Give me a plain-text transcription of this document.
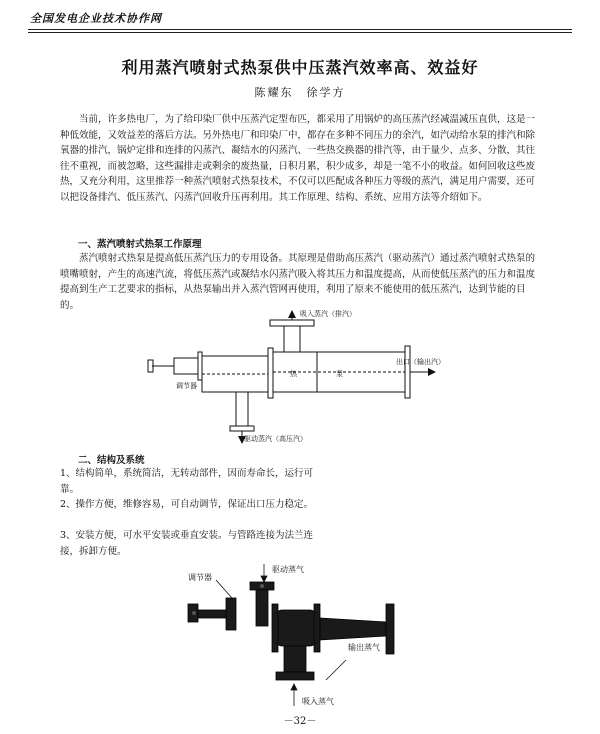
全国发电企业技术协作网
利用蒸汽喷射式热泵供中压蒸汽效率高、效益好
陈耀东　徐学方

当前，许多热电厂，为了给印染厂供中压蒸汽定型布匹，都采用了用锅炉的高压蒸汽经减温减压直供，这是一种低效能，又效益差的落后方法。另外热电厂和印染厂中，都存在多种不同压力的余汽，如汽动给水泵的排汽和除氧器的排汽，锅炉定排和连排的闪蒸汽、凝结水的闪蒸汽、一些热交换器的排汽等，由于量少、点多、分散，其往往不重视，而被忽略，这些漏排走或剩余的废热量，日积月累，积少成多，却是一笔不小的收益。如何回收这些废热，又充分利用，这里推荐一种蒸汽喷射式热泵技术，不仅可以匹配成各种压力等级的蒸汽，满足用户需要，还可以把设备排汽、低压蒸汽、闪蒸汽回收升压再利用。其工作原理、结构、系统、应用方法等介绍如下。

一、蒸汽喷射式热泵工作原理

蒸汽喷射式热泵是提高低压蒸汽压力的专用设备。其原理是借助高压蒸汽（驱动蒸汽）通过蒸汽喷射式热泵的喷嘴喷射，产生的高速汽流，将低压蒸汽或凝结水闪蒸汽吸入将其压力和温度提高，从而使低压蒸汽的压力和温度提高到生产工艺要求的指标，从热泵输出并入蒸汽管网再使用，利用了原来不能使用的低压蒸汽，达到节能的目的。

吸入蒸汽（排汽）
出口（输出汽）
调节器
驱动蒸汽（高压汽）
热	泵
二、结构及系统

1、结构简单，系统简洁，无转动部件，因而寿命长，运行可靠。

2、操作方便，维修容易，可自动调节，保证出口压力稳定。

3、安装方便，可水平安装或垂直安装。与管路连接为法兰连接，拆卸方便。

调节器
驱动蒸气
输出蒸气
吸入蒸气
－32－
